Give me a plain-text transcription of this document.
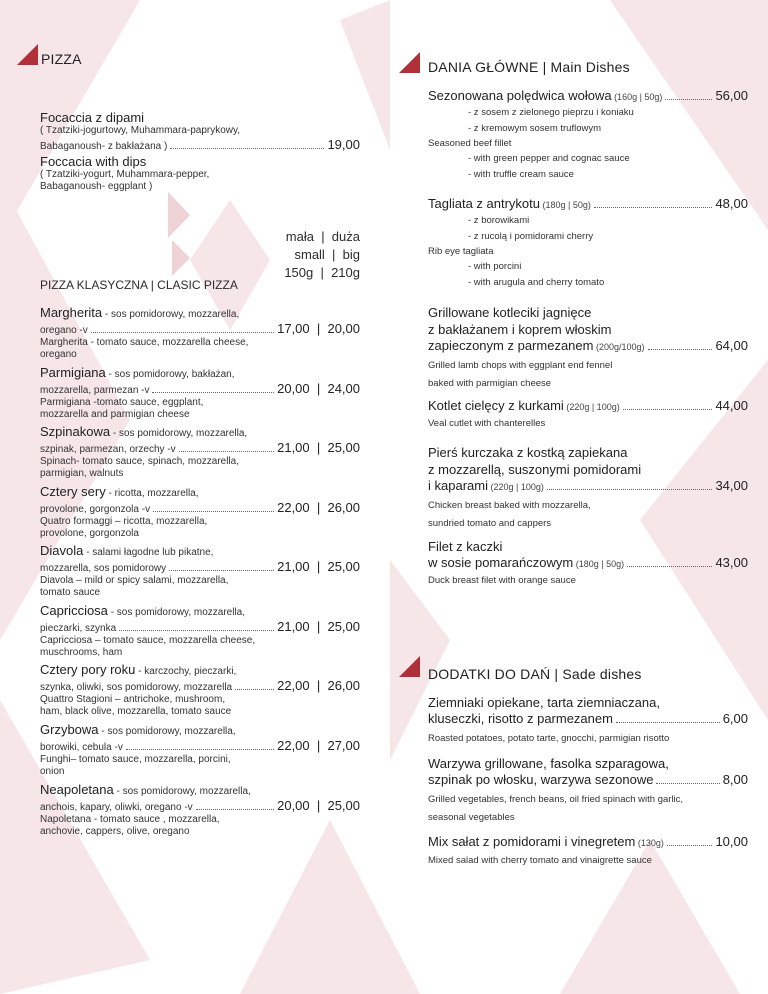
PIZZA
Focaccia z dipami
( Tzatziki-jogurtowy, Muhammara-paprykowy,
Babaganoush- z bakłażana )	19,00
Foccacia with dips
( Tzatziki-yogurt, Muhammara-pepper,
Babaganoush- eggplant )
mała  |  duża
small  |  big
150g  |  210g
PIZZA KLASYCZNA | CLASIC PIZZA
Margherita - sos pomidorowy, mozzarella,
oregano -v	17,00  |  20,00
Margherita - tomato sauce, mozzarella cheese,
oregano
Parmigiana - sos pomidorowy, bakłażan,
mozzarella, parmezan -v	20,00  |  24,00
Parmigiana -tomato sauce, eggplant,
mozzarella and parmigian cheese
Szpinakowa - sos pomidorowy, mozzarella,
szpinak, parmezan, orzechy -v	21,00  |  25,00
Spinach- tomato sauce, spinach, mozzarella,
parmigian, walnuts
Cztery sery - ricotta, mozzarella,
provolone, gorgonzola -v	22,00  |  26,00
Quatro formaggi – ricotta, mozzarella,
provolone, gorgonzola
Diavola - salami łagodne lub pikatne,
mozzarella, sos pomidorowy	21,00  |  25,00
Diavola – mild or spicy salami, mozzarella,
tomato sauce
Capricciosa - sos pomidorowy, mozzarella,
pieczarki, szynka	21,00  |  25,00
Capricciosa – tomato sauce, mozzarella cheese,
muschrooms, ham
Cztery pory roku - karczochy, pieczarki,
szynka, oliwki, sos pomidorowy, mozzarella	22,00  |  26,00
Quattro Stagioni – antrichoke, mushroom,
ham, black olive, mozzarella, tomato sauce
Grzybowa - sos pomidorowy, mozzarella,
borowiki, cebula -v	22,00  |  27,00
Funghi– tomato sauce, mozzarella, porcini,
onion
Neapoletana - sos pomidorowy, mozzarella,
anchois, kapary, oliwki, oregano -v	20,00  |  25,00
Napoletana - tomato sauce , mozzarella,
anchovie, cappers, olive, oregano
DANIA GŁÓWNE | Main Dishes
Sezonowana polędwica wołowa (160g | 50g)	56,00
- z sosem z zielonego pieprzu i koniaku
- z kremowym sosem truflowym
Seasoned beef fillet
- with green pepper and cognac sauce
- with truffle cream sauce
Tagliata z antrykotu (180g | 50g)	48,00
- z borowikami
- z rucolą i pomidorami cherry
Rib eye tagliata
- with porcini
- with arugula and cherry tomato
Grillowane kotleciki jagnięce
z bakłażanem i koprem włoskim
zapieczonym z parmezanem (200g/100g)	64,00
Grilled lamb chops with eggplant end fennel
baked with parmigian cheese
Kotlet cielęcy z kurkami (220g | 100g)	44,00
Veal cutlet with chanterelles
Pierś kurczaka z kostką zapiekana
z mozzarellą, suszonymi pomidorami
i kaparami (220g | 100g)	34,00
Chicken breast baked with mozzarella,
sundried tomato and cappers
Filet z kaczki
w sosie pomarańczowym (180g | 50g)	43,00
Duck breast filet with orange sauce
DODATKI DO DAŃ | Sade dishes
Ziemniaki opiekane, tarta ziemniaczana,
kluseczki, risotto z parmezanem	6,00
Roasted potatoes, potato tarte, gnocchi, parmigian risotto
Warzywa grillowane, fasolka szparagowa,
szpinak po włosku, warzywa sezonowe	8,00
Grilled vegetables, french beans, oil fried spinach with garlic,
seasonal vegetables
Mix sałat z pomidorami i vinegretem (130g)	10,00
Mixed salad with cherry tomato and vinaigrette sauce
